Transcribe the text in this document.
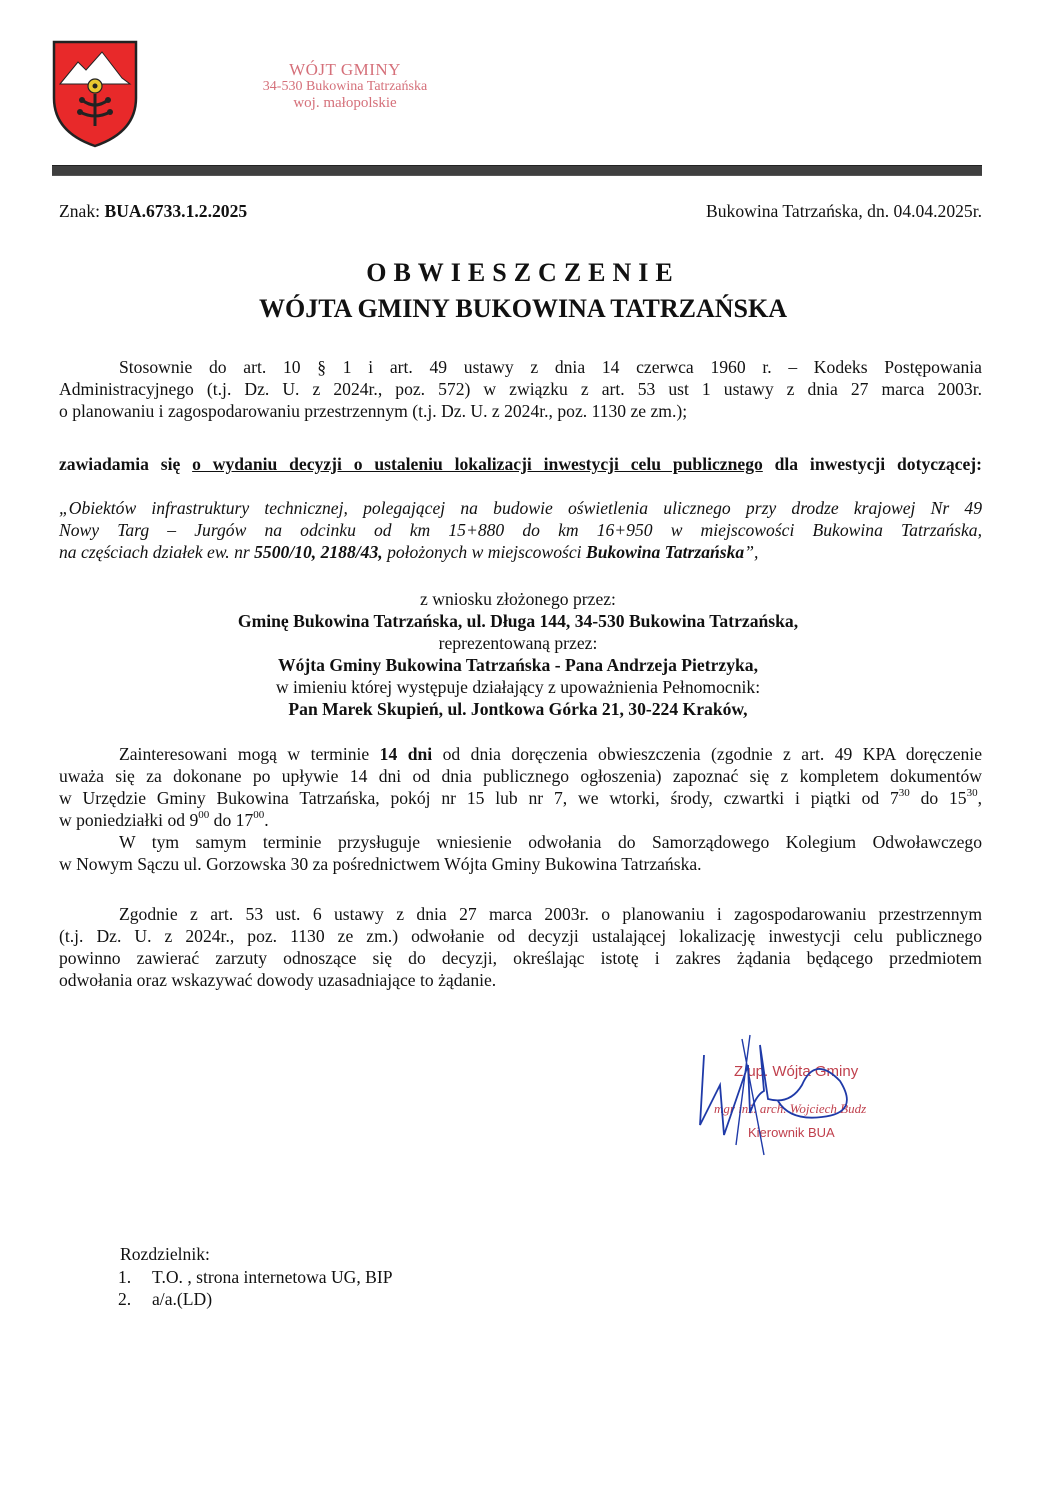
WÓJT GMINY
34-530 Bukowina Tatrzańska
woj. małopolskie
Znak: BUA.6733.1.2.2025	Bukowina Tatrzańska, dn. 04.04.2025r.
OBWIESZCZENIE
WÓJTA GMINY BUKOWINA TATRZAŃSKA

Stosownie do art. 10 § 1 i art. 49 ustawy z dnia 14 czerwca 1960 r. – Kodeks Postępowania

Administracyjnego (t.j. Dz. U. z 2024r., poz. 572) w związku z art. 53 ust 1 ustawy z dnia 27 marca 2003r.

o planowaniu i zagospodarowaniu przestrzennym (t.j. Dz. U. z 2024r., poz. 1130 ze zm.);

zawiadamia się o wydaniu decyzji o ustaleniu lokalizacji inwestycji celu publicznego dla inwestycji dotyczącej:

„Obiektów infrastruktury technicznej, polegającej na budowie oświetlenia ulicznego przy drodze krajowej Nr 49

Nowy Targ – Jurgów na odcinku od km 15+880 do km 16+950 w miejscowości Bukowina Tatrzańska,

na częściach działek ew. nr 5500/10, 2188/43, położonych w miejscowości Bukowina Tatrzańska”,

z wniosku złożonego przez:

Gminę Bukowina Tatrzańska, ul. Długa 144, 34-530 Bukowina Tatrzańska,

reprezentowaną przez:

Wójta Gminy Bukowina Tatrzańska - Pana Andrzeja Pietrzyka,

w imieniu której występuje działający z upoważnienia Pełnomocnik:

Pan Marek Skupień, ul. Jontkowa Górka 21, 30-224 Kraków,

Zainteresowani mogą w terminie 14 dni od dnia doręczenia obwieszczenia (zgodnie z art. 49 KPA doręczenie

uważa się za dokonane po upływie 14 dni od dnia publicznego ogłoszenia) zapoznać się z kompletem dokumentów

w Urzędzie Gminy Bukowina Tatrzańska, pokój nr 15 lub nr 7, we wtorki, środy, czwartki i piątki od $7^{30}$ do $15^{30}$,

w poniedziałki od $9^{00}$ do $17^{00}$.

W tym samym terminie przysługuje wniesienie odwołania do Samorządowego Kolegium Odwoławczego

w Nowym Sączu ul. Gorzowska 30 za pośrednictwem Wójta Gminy Bukowina Tatrzańska.

Zgodnie z art. 53 ust. 6 ustawy z dnia 27 marca 2003r. o planowaniu i zagospodarowaniu przestrzennym

(t.j. Dz. U. z 2024r., poz. 1130 ze zm.) odwołanie od decyzji ustalającej lokalizację inwestycji celu publicznego

powinno zawierać zarzuty odnoszące się do decyzji, określając istotę i zakres żądania będącego przedmiotem

odwołania oraz wskazywać dowody uzasadniające to żądanie.

Z up. Wójta Gminy
mgr inż. arch. Wojciech Budz
Kierownik BUA
Rozdzielnik:
1. T.O. , strona internetowa UG, BIP
2. a/a.(LD)
